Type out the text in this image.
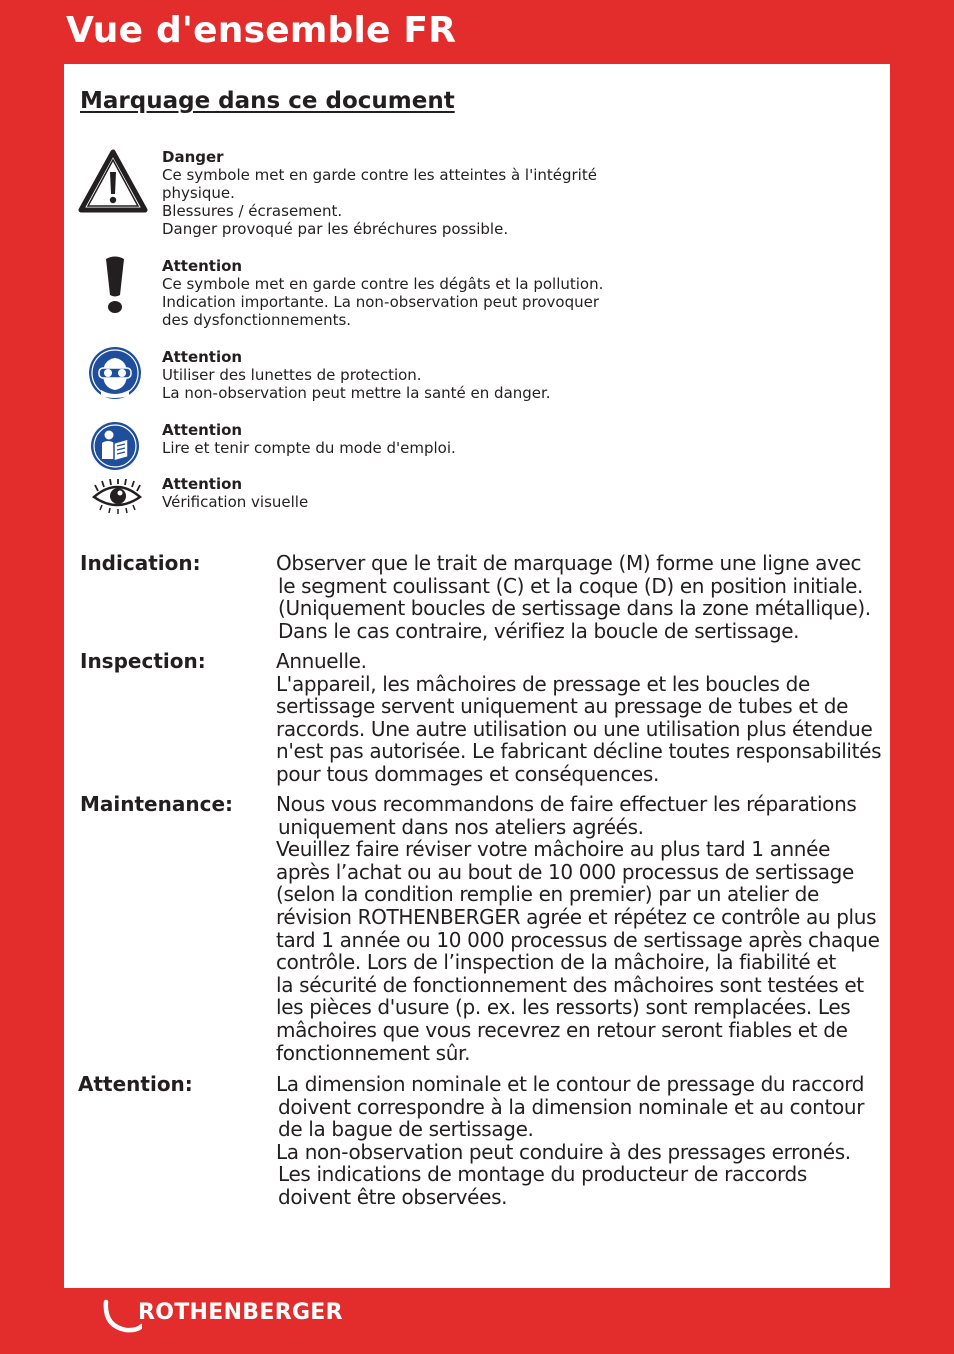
Vue d'ensemble FR
Marquage dans ce document
Danger
Ce symbole met en garde contre les atteintes à l'intégrité
physique.
Blessures / écrasement.
Danger provoqué par les ébréchures possible.
Attention
Ce symbole met en garde contre les dégâts et la pollution.
Indication importante. La non-observation peut provoquer
des dysfonctionnements.
Attention
Utiliser des lunettes de protection.
La non-observation peut mettre la santé en danger.
Attention
Lire et tenir compte du mode d'emploi.
Attention
Vérification visuelle
Indication:	Observer que le trait de marquage (M) forme une ligne avec
le segment coulissant (C) et la coque (D) en position initiale.
(Uniquement boucles de sertissage dans la zone métallique).
Dans le cas contraire, vérifiez la boucle de sertissage.
Inspection:	Annuelle.
L'appareil, les mâchoires de pressage et les boucles de
sertissage servent uniquement au pressage de tubes et de
raccords. Une autre utilisation ou une utilisation plus étendue
n'est pas autorisée. Le fabricant décline toutes responsabilités
pour tous dommages et conséquences.
Maintenance: Nous vous recommandons de faire effectuer les réparations
uniquement dans nos ateliers agréés.
Veuillez faire réviser votre mâchoire au plus tard 1 année
après l’achat ou au bout de 10 000 processus de sertissage
(selon la condition remplie en premier) par un atelier de
révision ROTHENBERGER agrée et répétez ce contrôle au plus
tard 1 année ou 10 000 processus de sertissage après chaque
contrôle. Lors de l’inspection de la mâchoire, la fiabilité et
la sécurité de fonctionnement des mâchoires sont testées et
les pièces d'usure (p. ex. les ressorts) sont remplacées. Les
mâchoires que vous recevrez en retour seront fiables et de
fonctionnement sûr.
Attention:	La dimension nominale et le contour de pressage du raccord
doivent correspondre à la dimension nominale et au contour
de la bague de sertissage.
La non-observation peut conduire à des pressages erronés.
Les indications de montage du producteur de raccords
doivent être observées.
ROTHENBERGER
